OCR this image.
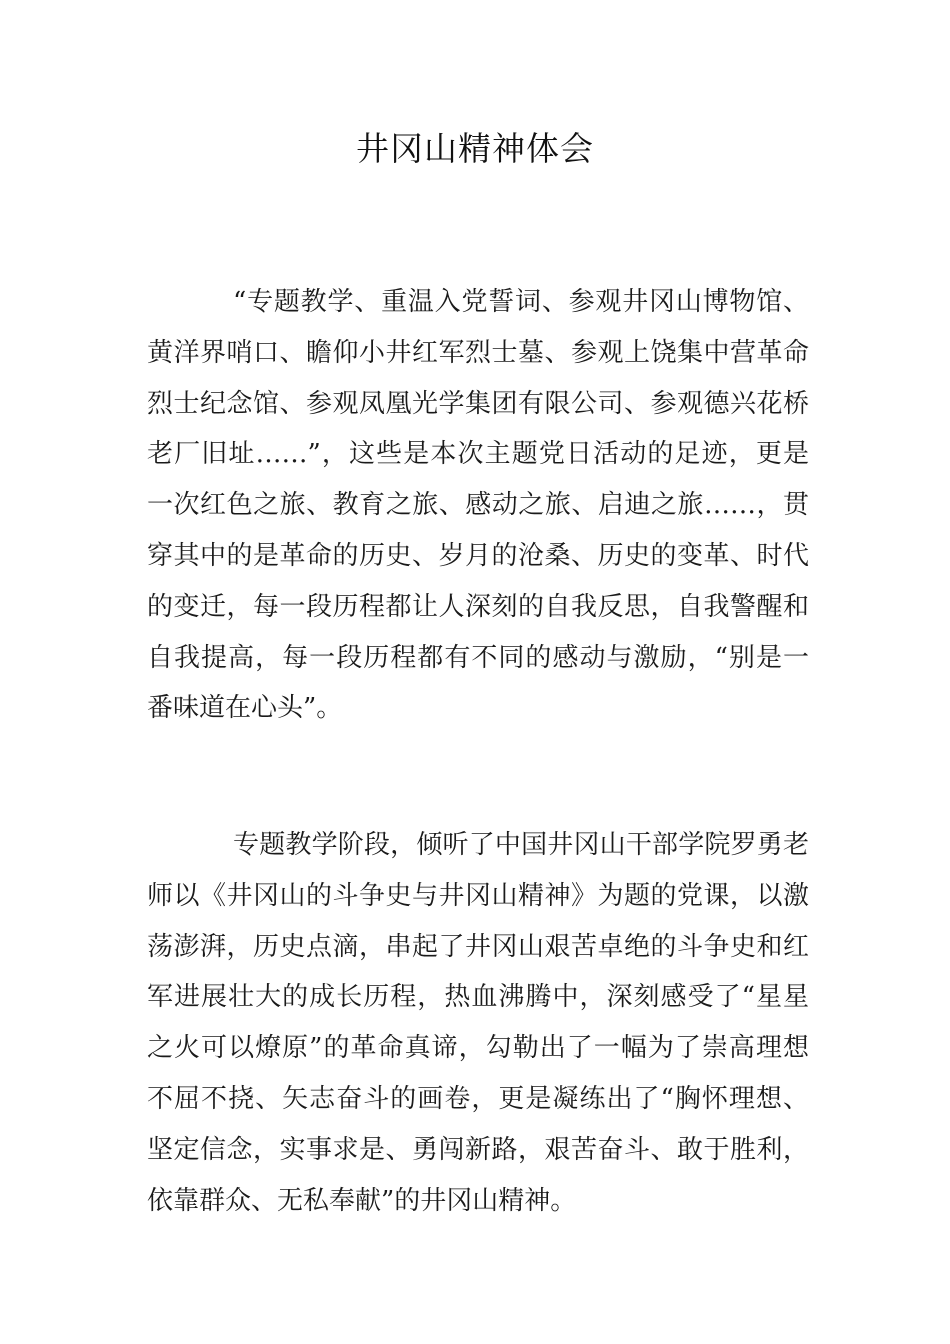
井冈山精神体会

“专题教学、重温入党誓词、参观井冈山博物馆、黄洋界哨口、瞻仰小井红军烈士墓、参观上饶集中营革命烈士纪念馆、参观凤凰光学集团有限公司、参观德兴花桥老厂旧址……”，这些是本次主题党日活动的足迹，更是一次红色之旅、教育之旅、感动之旅、启迪之旅……，贯穿其中的是革命的历史、岁月的沧桑、历史的变革、时代的变迁，每一段历程都让人深刻的自我反思，自我警醒和自我提高，每一段历程都有不同的感动与激励，“别是一番味道在心头”。

专题教学阶段，倾听了中国井冈山干部学院罗勇老师以《井冈山的斗争史与井冈山精神》为题的党课，以激荡澎湃，历史点滴，串起了井冈山艰苦卓绝的斗争史和红军进展壮大的成长历程，热血沸腾中，深刻感受了“星星之火可以燎原”的革命真谛，勾勒出了一幅为了崇高理想不屈不挠、矢志奋斗的画卷，更是凝练出了“胸怀理想、坚定信念，实事求是、勇闯新路，艰苦奋斗、敢于胜利，依靠群众、无私奉献”的井冈山精神。
